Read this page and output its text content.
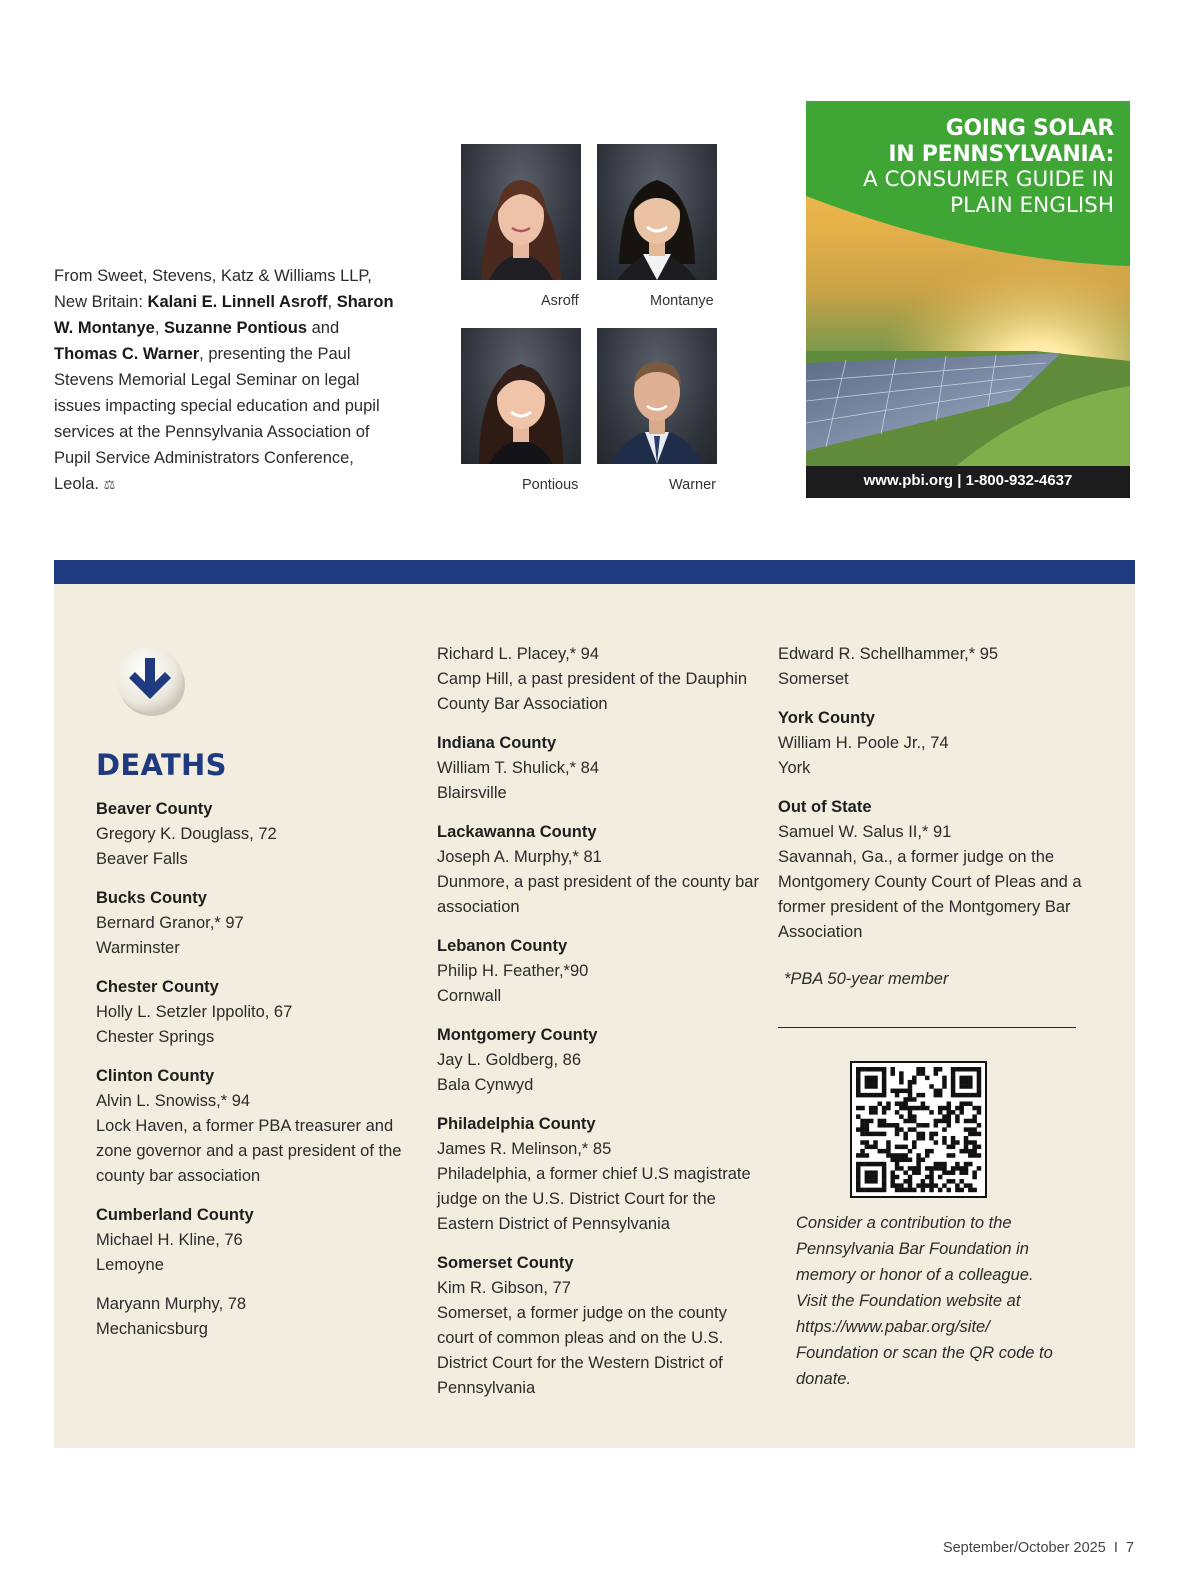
From Sweet, Stevens, Katz & Williams LLP, New Britain: Kalani E. Linnell Asroff, Sharon W. Montanye, Suzanne Pontious and Thomas C. Warner, presenting the Paul Stevens Memorial Legal Seminar on legal issues impacting special education and pupil services at the Pennsylvania Association of Pupil Service Administrators Conference, Leola. ⚖
Asroff	Montanye
Pontious	Warner
GOING SOLAR
IN PENNSYLVANIA:
A CONSUMER GUIDE IN
PLAIN ENGLISH
www.pbi.org | 1-800-932-4637
DEATHS
Beaver County
Gregory K. Douglass, 72
Beaver Falls
Bucks County
Bernard Granor,* 97
Warminster
Chester County
Holly L. Setzler Ippolito, 67
Chester Springs
Clinton County
Alvin L. Snowiss,* 94
Lock Haven, a former PBA treasurer and zone governor and a past president of the county bar association
Cumberland County
Michael H. Kline, 76
Lemoyne
Maryann Murphy, 78
Mechanicsburg
Richard L. Placey,* 94
Camp Hill, a past president of the Dauphin County Bar Association
Indiana County
William T. Shulick,* 84
Blairsville
Lackawanna County
Joseph A. Murphy,* 81
Dunmore, a past president of the county bar association
Lebanon County
Philip H. Feather,*90
Cornwall
Montgomery County
Jay L. Goldberg, 86
Bala Cynwyd
Philadelphia County
James R. Melinson,* 85
Philadelphia, a former chief U.S magistrate judge on the U.S. District Court for the Eastern District of Pennsylvania
Somerset County
Kim R. Gibson, 77
Somerset, a former judge on the county court of common pleas and on the U.S. District Court for the Western District of Pennsylvania
Edward R. Schellhammer,* 95
Somerset
York County
William H. Poole Jr., 74
York
Out of State
Samuel W. Salus II,* 91
Savannah, Ga., a former judge on the Montgomery County Court of Pleas and a former president of the Montgomery Bar Association
*PBA 50-year member
Consider a contribution to the Pennsylvania Bar Foundation in memory or honor of a colleague. Visit the Foundation website at https://www.pabar.org/site/ Foundation or scan the QR code to donate.
September/October 2025 I 7
